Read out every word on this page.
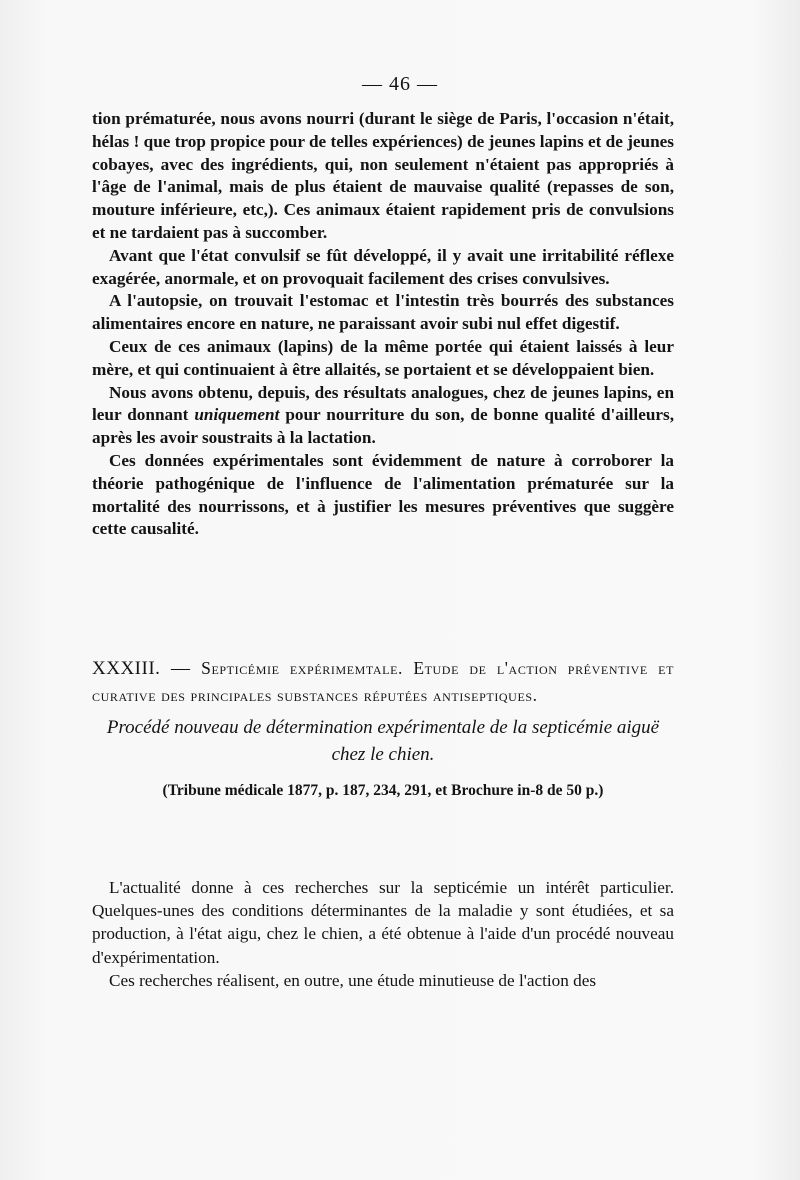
— 46 —

tion prématurée, nous avons nourri (durant le siège de Paris, l'occasion n'était, hélas ! que trop propice pour de telles expériences) de jeunes lapins et de jeunes cobayes, avec des ingrédients, qui, non seulement n'étaient pas appropriés à l'âge de l'animal, mais de plus étaient de mauvaise qualité (repasses de son, mouture inférieure, etc,). Ces animaux étaient rapidement pris de convulsions et ne tardaient pas à succomber.

Avant que l'état convulsif se fût développé, il y avait une irritabilité réflexe exagérée, anormale, et on provoquait facilement des crises convulsives.

A l'autopsie, on trouvait l'estomac et l'intestin très bourrés des substances alimentaires encore en nature, ne paraissant avoir subi nul effet digestif.

Ceux de ces animaux (lapins) de la même portée qui étaient laissés à leur mère, et qui continuaient à être allaités, se portaient et se développaient bien.

Nous avons obtenu, depuis, des résultats analogues, chez de jeunes lapins, en leur donnant uniquement pour nourriture du son, de bonne qualité d'ailleurs, après les avoir soustraits à la lactation.

Ces données expérimentales sont évidemment de nature à corroborer la théorie pathogénique de l'influence de l'alimentation prématurée sur la mortalité des nourrissons, et à justifier les mesures préventives que suggère cette causalité.

XXXIII. — Septicémie expérimemtale. Etude de l'action préventive et curative des principales substances réputées antiseptiques.

Procédé nouveau de détermination expérimentale de la septicémie aiguë chez le chien.

(Tribune médicale 1877, p. 187, 234, 291, et Brochure in-8 de 50 p.)

L'actualité donne à ces recherches sur la septicémie un intérêt particulier. Quelques-unes des conditions déterminantes de la maladie y sont étudiées, et sa production, à l'état aigu, chez le chien, a été obtenue à l'aide d'un procédé nouveau d'expérimentation.

Ces recherches réalisent, en outre, une étude minutieuse de l'action des
